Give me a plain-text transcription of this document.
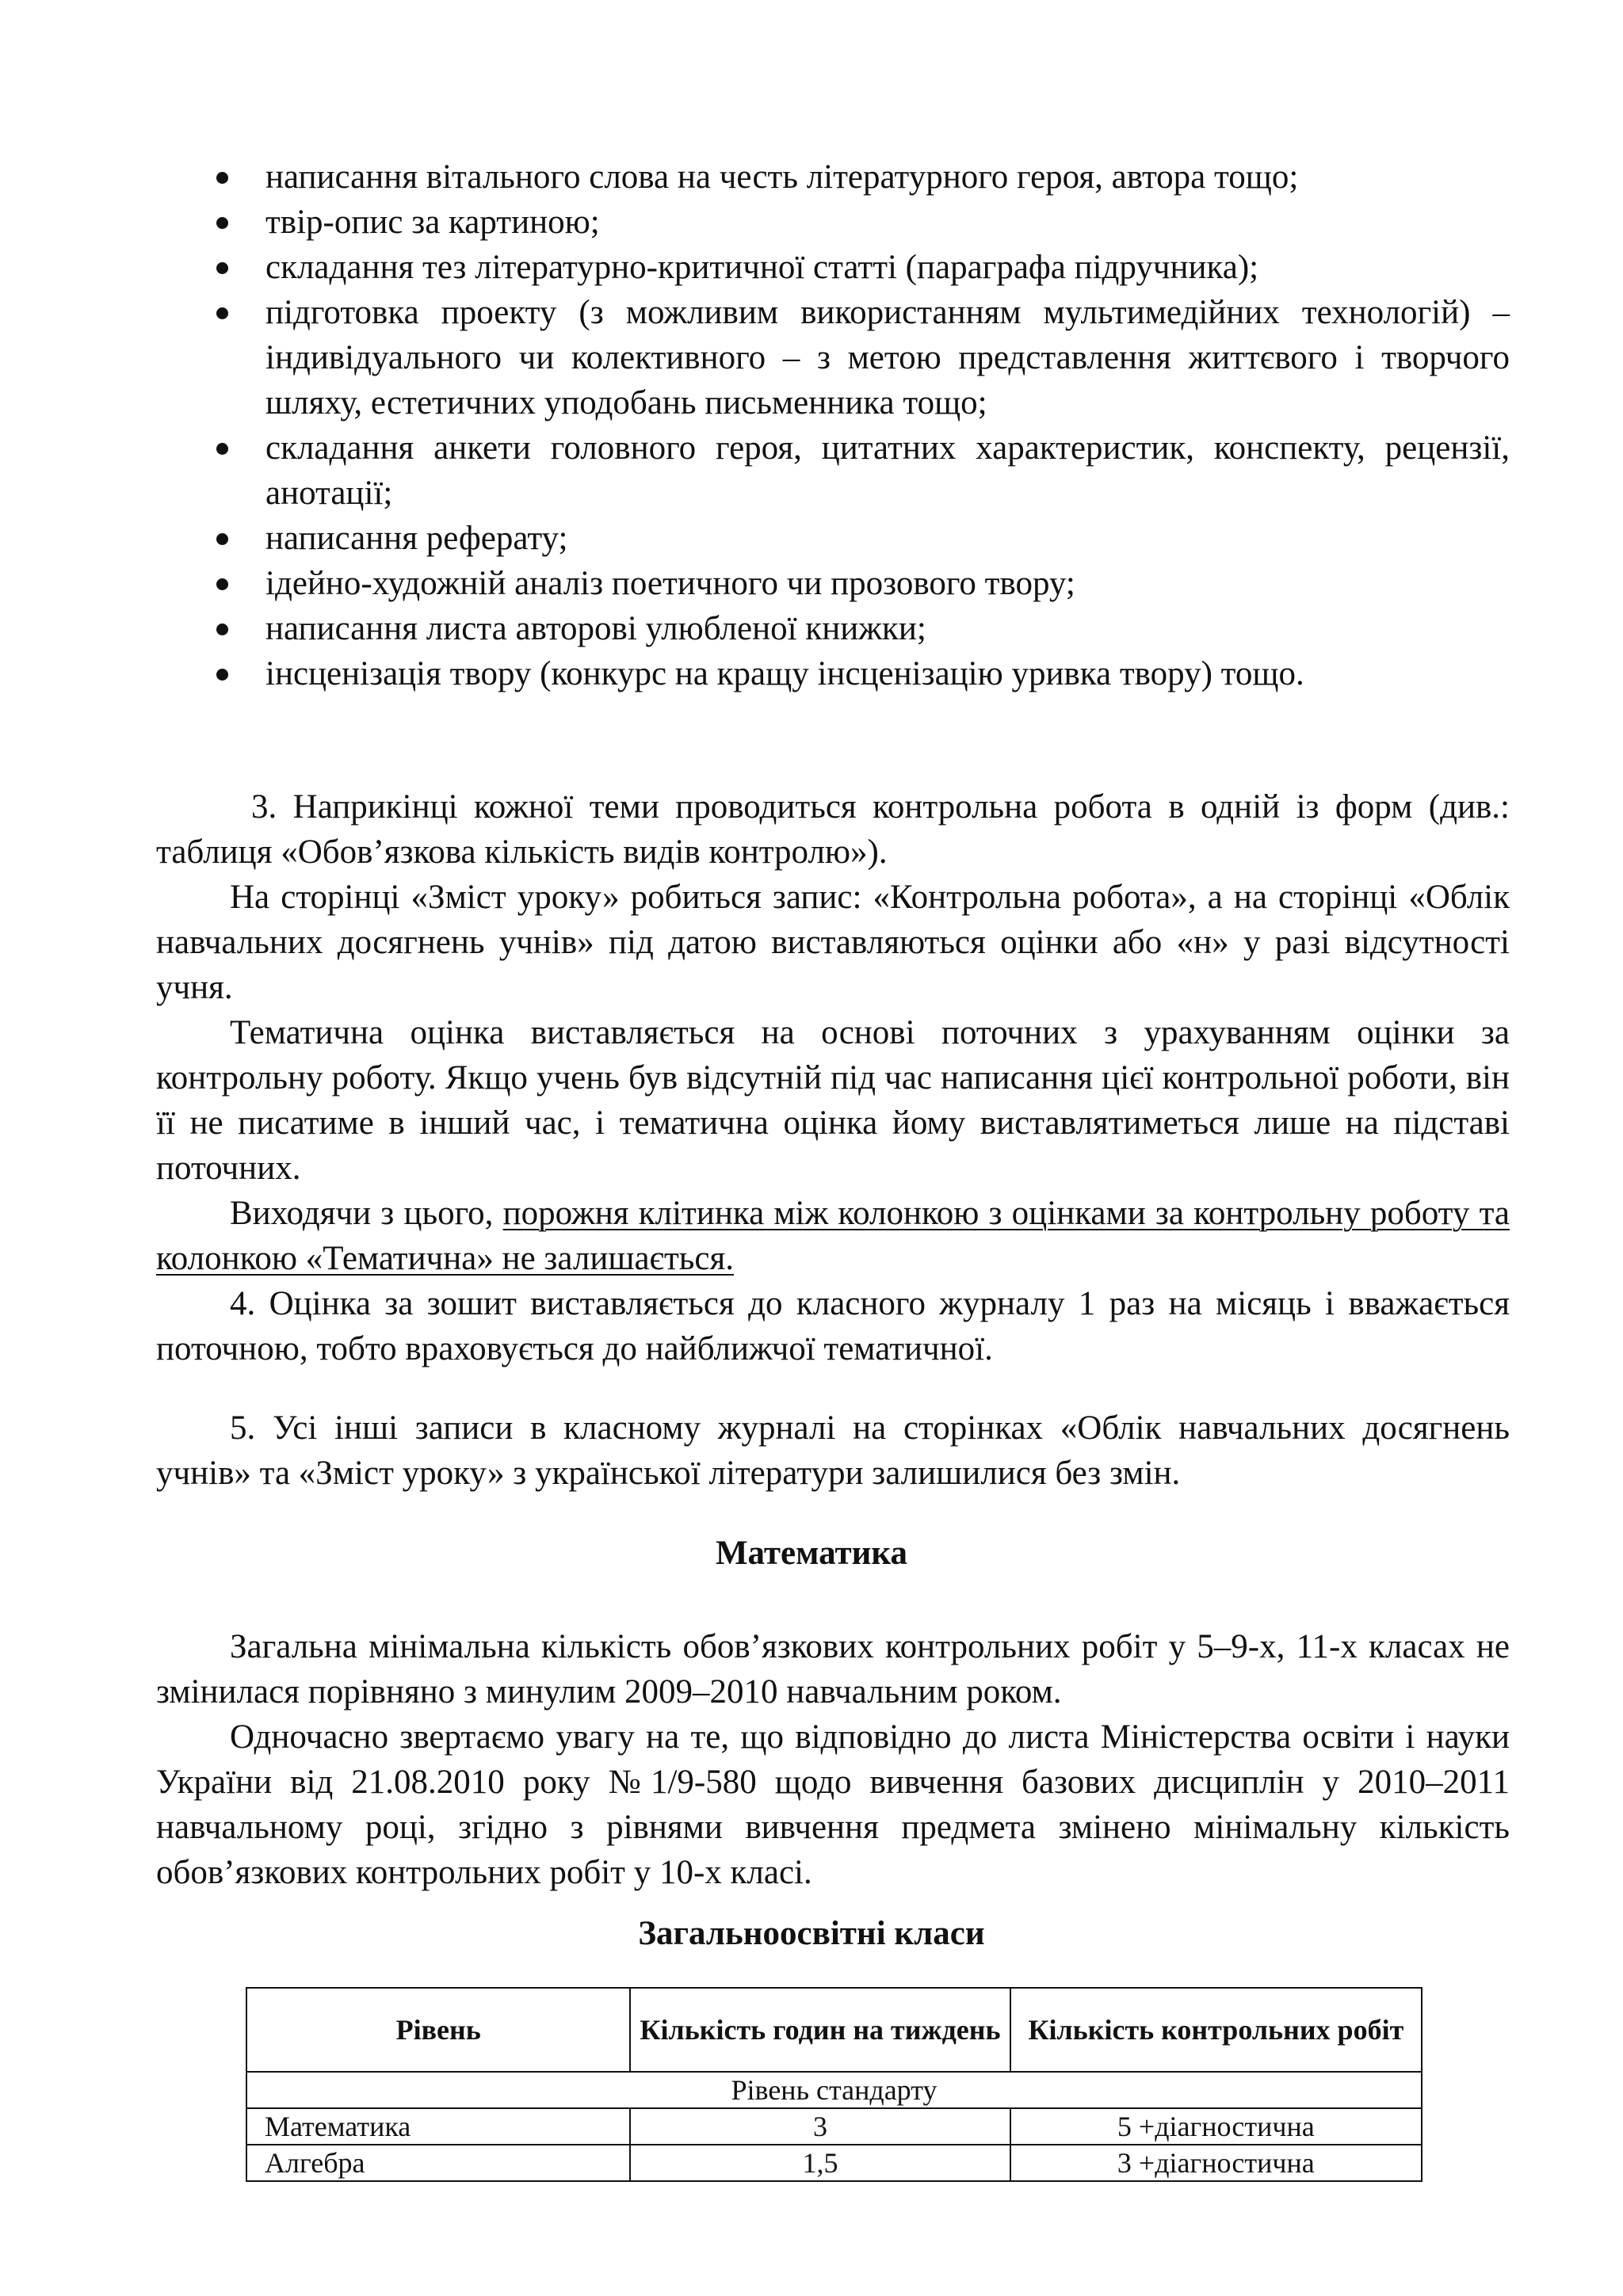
написання вітального слова на честь літературного героя, автора тощо;
твір-опис за картиною;
складання тез літературно-критичної статті (параграфа підручника);
підготовка проекту (з можливим використанням мультимедійних технологій) – індивідуального чи колективного – з метою представлення життєвого і творчого шляху, естетичних уподобань письменника тощо;
складання анкети головного героя, цитатних характеристик, конспекту, рецензії, анотації;
написання реферату;
ідейно-художній аналіз поетичного чи прозового твору;
написання листа авторові улюбленої книжки;
інсценізація твору (конкурс на кращу інсценізацію уривка твору) тощо.

3. Наприкінці кожної теми проводиться контрольна робота в одній із форм (див.: таблиця «Обов’язкова кількість видів контролю»).

На сторінці «Зміст уроку» робиться запис: «Контрольна робота», а на сторінці «Облік навчальних досягнень учнів» під датою виставляються оцінки або «н» у разі відсутності учня.

Тематична оцінка виставляється на основі поточних з урахуванням оцінки за контрольну роботу. Якщо учень був відсутній під час написання цієї контрольної роботи, він її не писатиме в інший час, і тематична оцінка йому виставлятиметься лише на підставі поточних.

Виходячи з цього, порожня клітинка між колонкою з оцінками за контрольну роботу та колонкою «Тематична» не залишається.

4. Оцінка за зошит виставляється до класного журналу 1 раз на місяць і вважається поточною, тобто враховується до найближчої тематичної.

5. Усі інші записи в класному журналі на сторінках «Облік навчальних досягнень учнів» та «Зміст уроку» з української літератури залишилися без змін.

Математика

Загальна мінімальна кількість обов’язкових контрольних робіт у 5–9-х, 11-х класах не змінилася порівняно з минулим 2009–2010 навчальним роком.

Одночасно звертаємо увагу на те, що відповідно до листа Міністерства освіти і науки України від 21.08.2010 року №1/9-580 щодо вивчення базових дисциплін у 2010–2011 навчальному році, згідно з рівнями вивчення предмета змінено мінімальну кількість обов’язкових контрольних робіт у 10-х класі.

Загальноосвітні класи
Рівень	Кількість годин на тиждень	Кількість контрольних робіт
Рівень стандарту		
Математика	3	5 +діагностична
Алгебра	1,5	3 +діагностична
